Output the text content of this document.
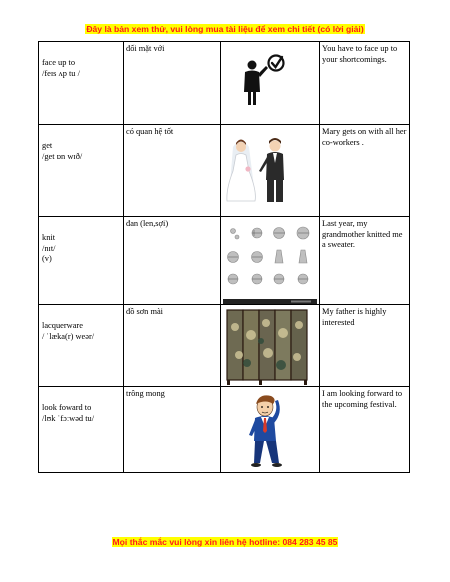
Đây là bản xem thử, vui lòng mua tài liệu để xem chi tiết (có lời giải)
face up to
/feɪs ʌp tu /	đối mặt với		You have to face up to your shortcomings.

get
/get ɒn wɪð/	có quan hệ tốt		Mary gets on with all her co-workers .

knit
/nɪt/
(v)	đan (len,sợi)		Last year, my grandmother knitted me a sweater.

lacquerware
/ ˈlæka(r) weər/	đồ sơn mài		My father is highly interested

look foward to
/lʊk ˈfɔːwəd tu/	trông mong		I am looking forward to the upcoming festival.
Mọi thắc mắc vui lòng xin liên hệ hotline: 084 283 45 85
